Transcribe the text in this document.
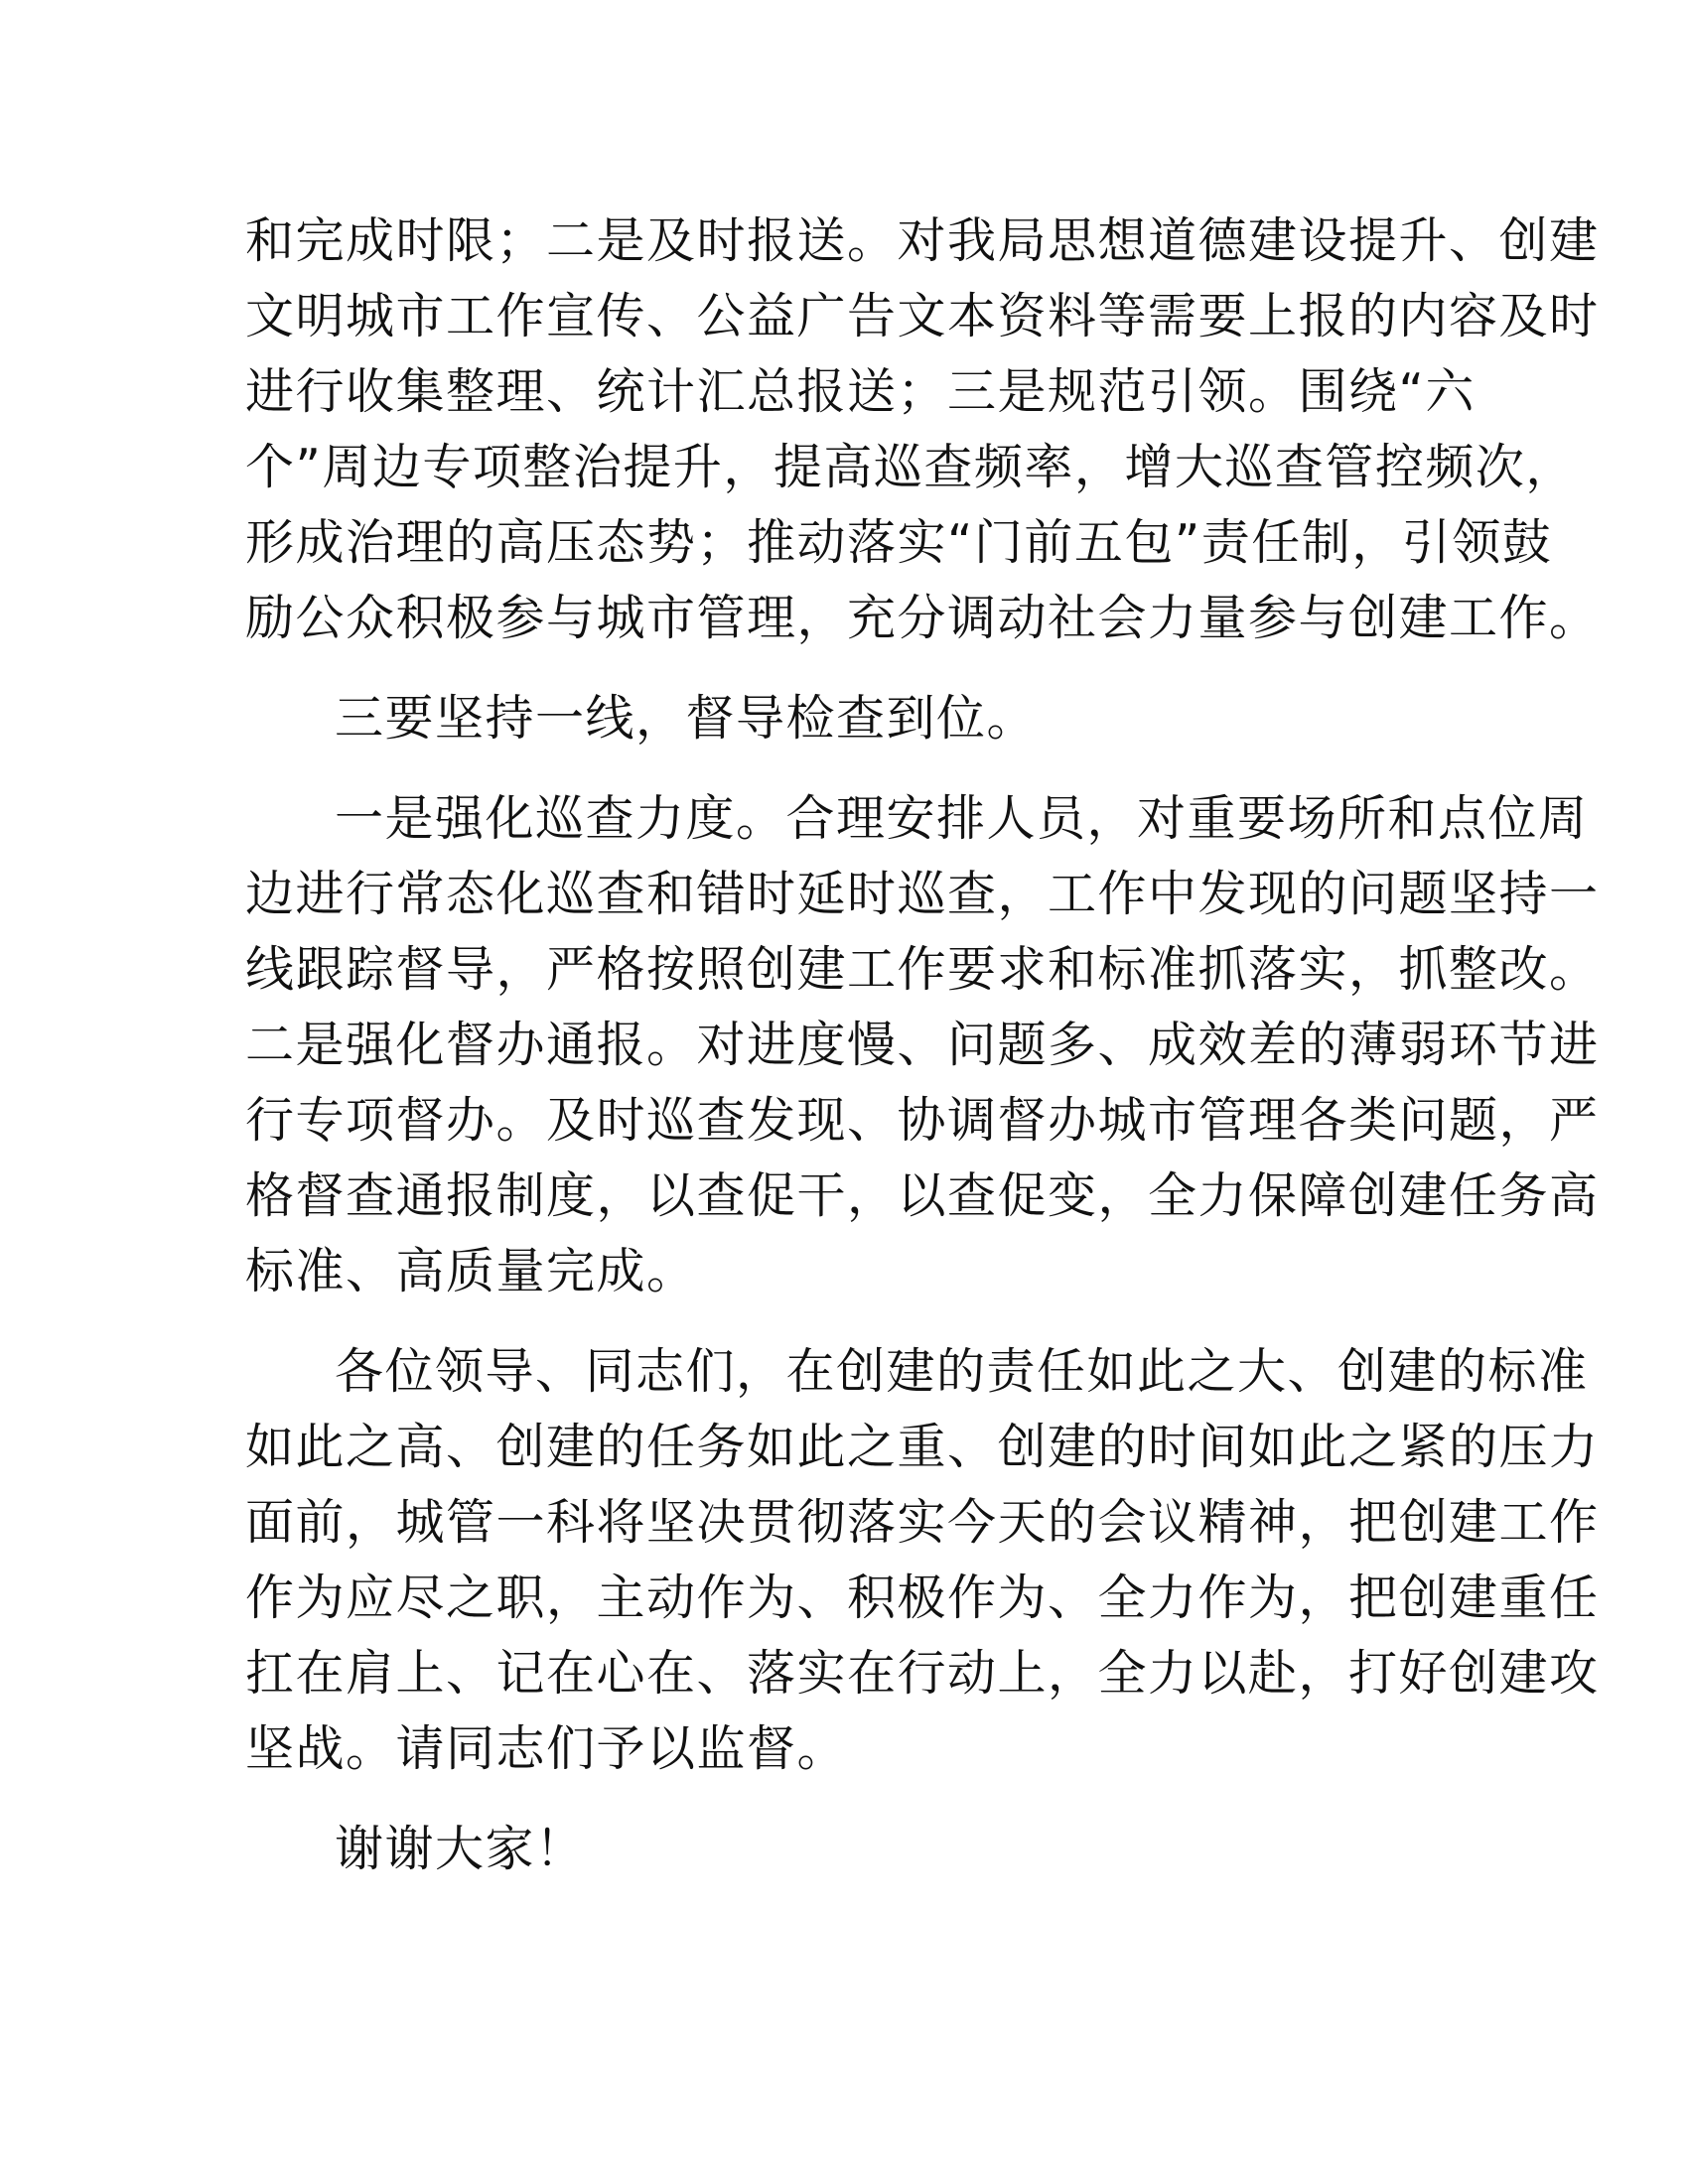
和完成时限；二是及时报送。对我局思想道德建设提升、创建
文明城市工作宣传、公益广告文本资料等需要上报的内容及时
进行收集整理、统计汇总报送；三是规范引领。围绕“六
个”周边专项整治提升，提高巡查频率，增大巡查管控频次，
形成治理的高压态势；推动落实“门前五包”责任制，引领鼓
励公众积极参与城市管理，充分调动社会力量参与创建工作。
三要坚持一线，督导检查到位。
一是强化巡查力度。合理安排人员，对重要场所和点位周
边进行常态化巡查和错时延时巡查，工作中发现的问题坚持一
线跟踪督导，严格按照创建工作要求和标准抓落实，抓整改。
二是强化督办通报。对进度慢、问题多、成效差的薄弱环节进
行专项督办。及时巡查发现、协调督办城市管理各类问题，严
格督查通报制度，以查促干，以查促变，全力保障创建任务高
标准、高质量完成。
各位领导、同志们，在创建的责任如此之大、创建的标准
如此之高、创建的任务如此之重、创建的时间如此之紧的压力
面前，城管一科将坚决贯彻落实今天的会议精神，把创建工作
作为应尽之职，主动作为、积极作为、全力作为，把创建重任
扛在肩上、记在心在、落实在行动上，全力以赴，打好创建攻
坚战。请同志们予以监督。
谢谢大家！
